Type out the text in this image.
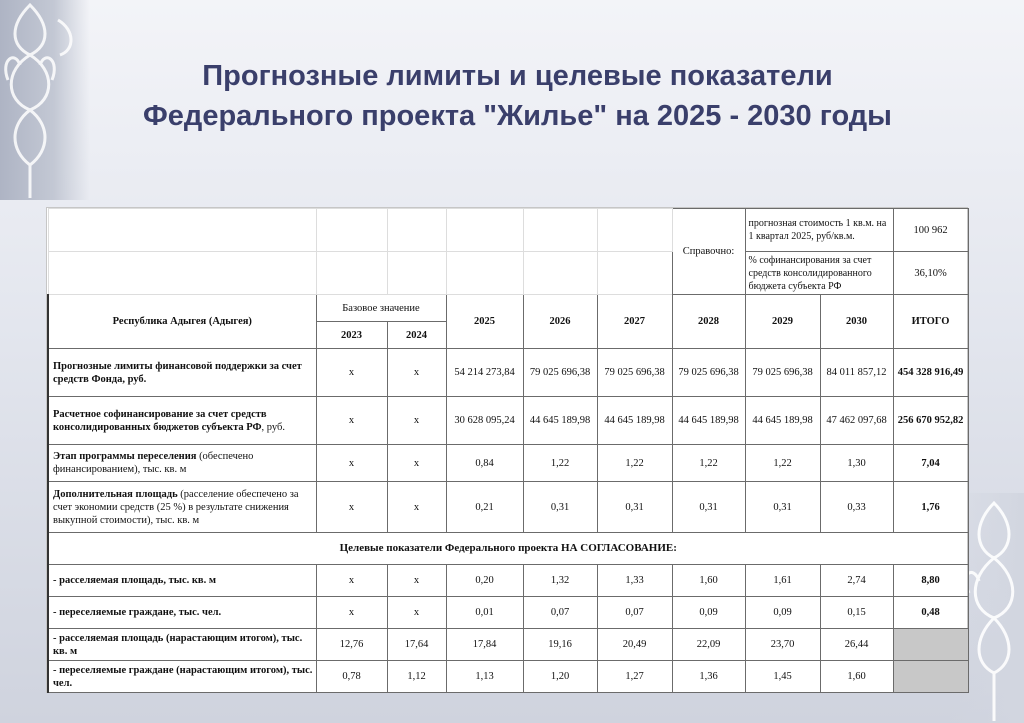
Прогнозные лимиты и целевые показатели Федерального проекта "Жилье" на 2025 - 2030 годы
						Справочно:	прогнозная стоимость 1 кв.м. на 1 квартал 2025, руб/кв.м.		100 962
							% софинансирования за счет средств консолидированного бюджета субъекта РФ		36,10%
Республика Адыгея (Адыгея)	Базовое значение		2025	2026	2027	2028	2029	2030	ИТОГО
	2023	2024							
Прогнозные лимиты финансовой поддержки за счет средств Фонда, руб.	x	x	54 214 273,84	79 025 696,38	79 025 696,38	79 025 696,38	79 025 696,38	84 011 857,12	454 328 916,49
Расчетное софинансирование за счет средств консолидированных бюджетов субъекта РФ, руб.	x	x	30 628 095,24	44 645 189,98	44 645 189,98	44 645 189,98	44 645 189,98	47 462 097,68	256 670 952,82
Этап программы переселения (обеспечено финансированием), тыс. кв. м	x	x	0,84	1,22	1,22	1,22	1,22	1,30	7,04
Дополнительная площадь (расселение обеспечено за счет экономии средств (25 %) в результате снижения выкупной стоимости), тыс. кв. м	x	x	0,21	0,31	0,31	0,31	0,31	0,33	1,76
Целевые показатели Федерального проекта НА СОГЛАСОВАНИЕ:									
- расселяемая площадь, тыс. кв. м	x	x	0,20	1,32	1,33	1,60	1,61	2,74	8,80
- переселяемые граждане, тыс. чел.	x	x	0,01	0,07	0,07	0,09	0,09	0,15	0,48
- расселяемая площадь (нарастающим итогом), тыс. кв. м	12,76	17,64	17,84	19,16	20,49	22,09	23,70	26,44	
- переселяемые граждане (нарастающим итогом), тыс. чел.	0,78	1,12	1,13	1,20	1,27	1,36	1,45	1,60	
